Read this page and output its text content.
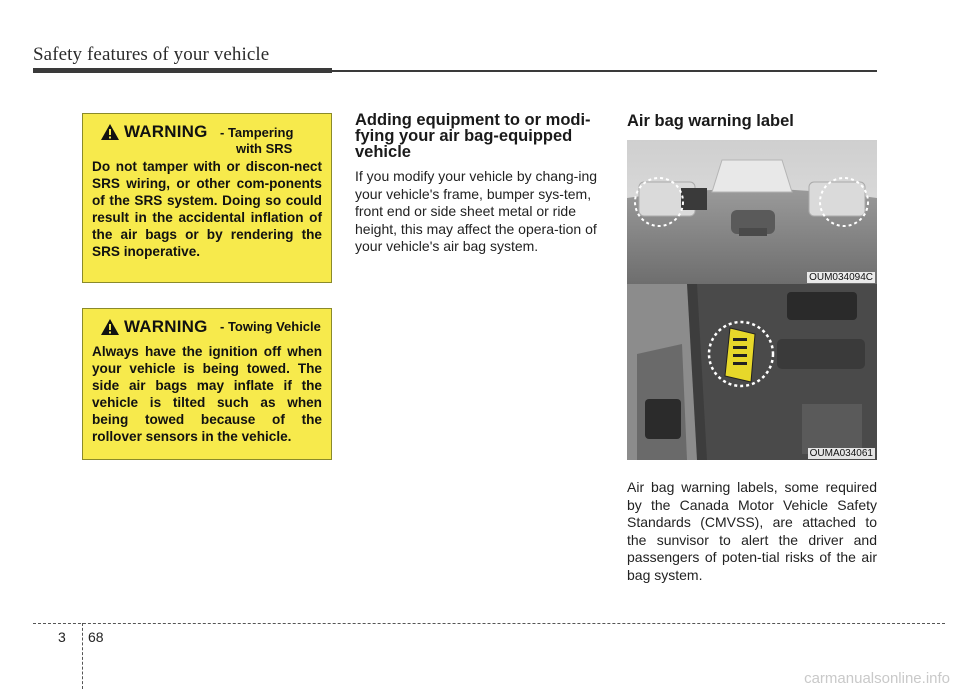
Safety features of your vehicle
WARNING - Tampering
with SRS
Do not tamper with or discon-nect SRS wiring, or other com-ponents of the SRS system. Doing so could result in the accidental inflation of the air bags or by rendering the SRS inoperative.
WARNING - Towing Vehicle
Always have the ignition off when your vehicle is being towed. The side air bags may inflate if the vehicle is tilted such as when being towed because of the rollover sensors in the vehicle.
Adding equipment to or modi-fying your air bag-equipped vehicle
If you modify your vehicle by chang-ing your vehicle's frame, bumper sys-tem, front end or side sheet metal or ride height, this may affect the opera-tion of your vehicle's air bag system.
Air bag warning label
OUM034094C
OUMA034061
Air bag warning labels, some required by the Canada Motor Vehicle Safety Standards (CMVSS), are attached to the sunvisor to alert the driver and passengers of poten-tial risks of the air bag system.
3 68
carmanualsonline.info
